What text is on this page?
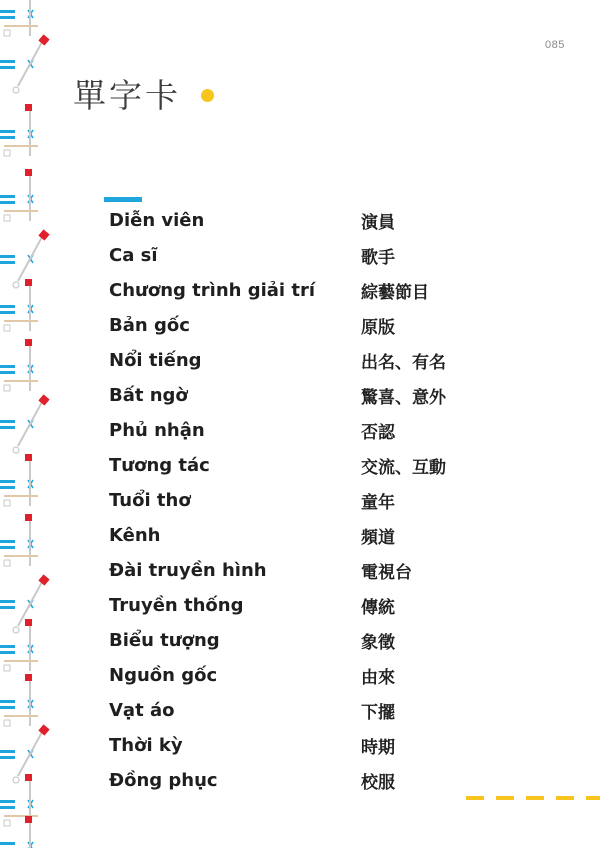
085
單字卡
Diễn viên	演員
Ca sĩ	歌手
Chương trình giải trí	綜藝節目
Bản gốc	原版
Nổi tiếng	出名、有名
Bất ngờ	驚喜、意外
Phủ nhận	否認
Tương tác	交流、互動
Tuổi thơ	童年
Kênh	頻道
Đài truyền hình	電視台
Truyền thống	傳統
Biểu tượng	象徵
Nguồn gốc	由來
Vạt áo	下擺
Thời kỳ	時期
Đồng phục	校服
